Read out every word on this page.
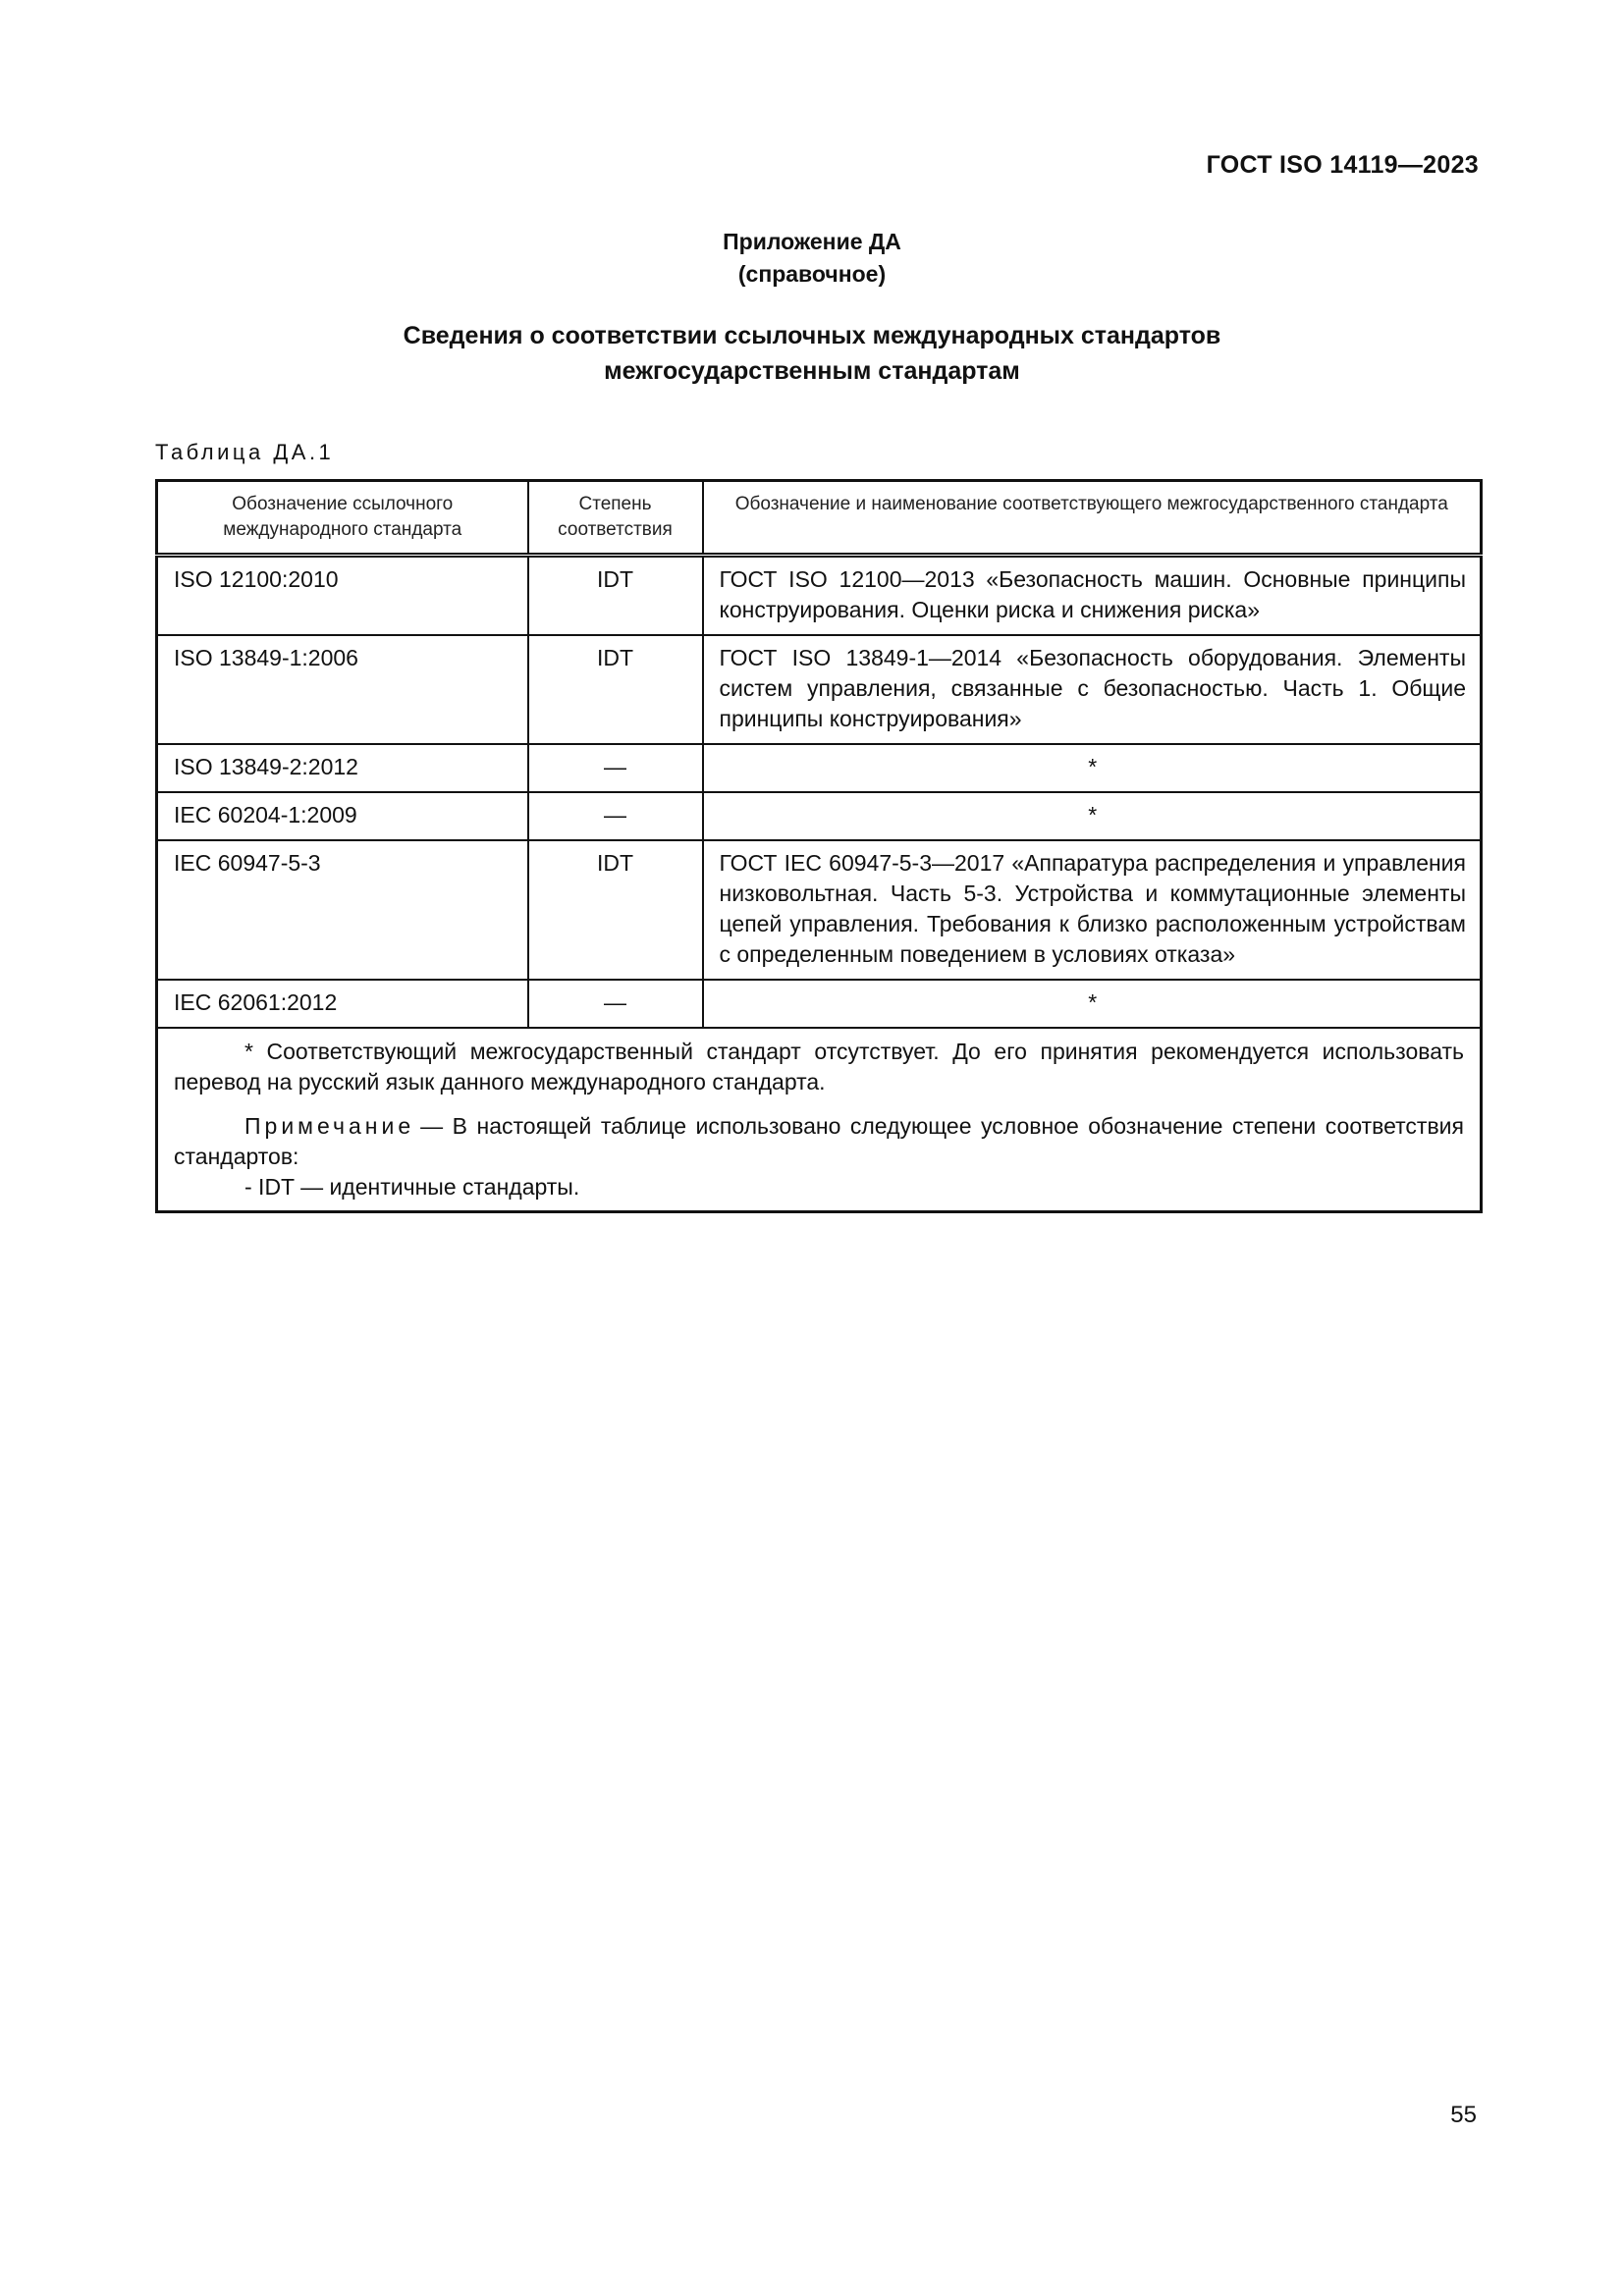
ГОСТ ISO 14119—2023
Приложение ДА
(справочное)
Сведения о соответствии ссылочных международных стандартов
межгосударственным стандартам
Таблица ДА.1
Обозначение ссылочного международного стандарта	Степень соответствия	Обозначение и наименование соответствующего межгосударственного стандарта
ISO 12100:2010	IDT	ГОСТ ISO 12100—2013 «Безопасность машин. Основные принципы конструирования. Оценки риска и снижения риска»
ISO 13849-1:2006	IDT	ГОСТ ISO 13849-1—2014 «Безопасность оборудования. Элементы систем управления, связанные с безопасностью. Часть 1. Общие принципы конструирования»
ISO 13849-2:2012	—	*
IEC 60204-1:2009	—	*
IEC 60947-5-3	IDT	ГОСТ IEC 60947-5-3—2017 «Аппаратура распределения и управления низковольтная. Часть 5-3. Устройства и коммутационные элементы цепей управления. Требования к близко расположенным устройствам с определенным поведением в условиях отказа»
IEC 62061:2012	—	*

* Соответствующий межгосударственный стандарт отсутствует. До его принятия рекомендуется использовать перевод на русский язык данного международного стандарта.

Примечание — В настоящей таблице использовано следующее условное обозначение степени соответствия стандартов:

- IDT — идентичные стандарты.		

55
